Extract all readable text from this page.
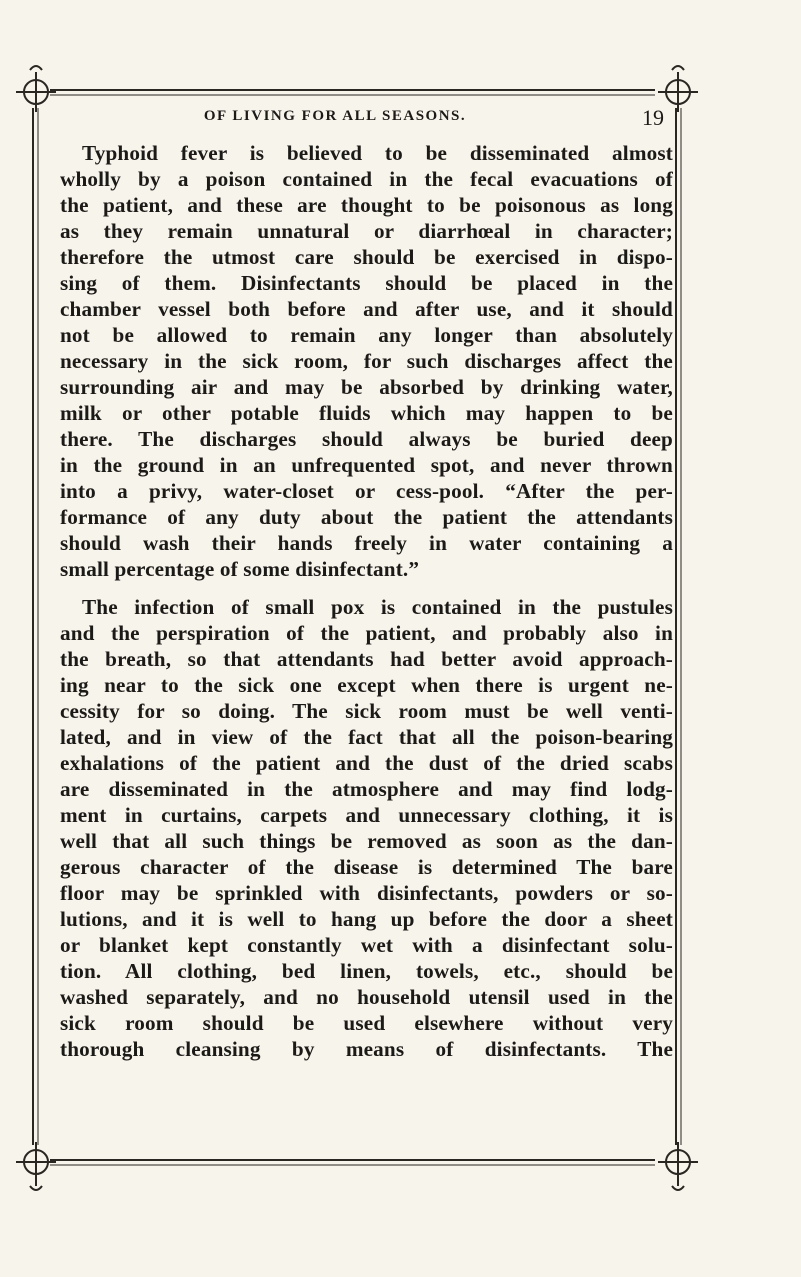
OF LIVING FOR ALL SEASONS.	19
Typhoid fever is believed to be disseminated almost
wholly by a poison contained in the fecal evacuations of
the patient, and these are thought to be poisonous as long
as they remain unnatural or diarrhœal in character;
therefore the utmost care should be exercised in dispo-
sing of them. Disinfectants should be placed in the
chamber vessel both before and after use, and it should
not be allowed to remain any longer than absolutely
necessary in the sick room, for such discharges affect the
surrounding air and may be absorbed by drinking water,
milk or other potable fluids which may happen to be
there. The discharges should always be buried deep
in the ground in an unfrequented spot, and never thrown
into a privy, water-closet or cess-pool. “After the per-
formance of any duty about the patient the attendants
should wash their hands freely in water containing a
small percentage of some disinfectant.”
The infection of small pox is contained in the pustules
and the perspiration of the patient, and probably also in
the breath, so that attendants had better avoid approach-
ing near to the sick one except when there is urgent ne-
cessity for so doing. The sick room must be well venti-
lated, and in view of the fact that all the poison-bearing
exhalations of the patient and the dust of the dried scabs
are disseminated in the atmosphere and may find lodg-
ment in curtains, carpets and unnecessary clothing, it is
well that all such things be removed as soon as the dan-
gerous character of the disease is determined The bare
floor may be sprinkled with disinfectants, powders or so-
lutions, and it is well to hang up before the door a sheet
or blanket kept constantly wet with a disinfectant solu-
tion. All clothing, bed linen, towels, etc., should be
washed separately, and no household utensil used in the
sick room should be used elsewhere without very
thorough cleansing by means of disinfectants. The
